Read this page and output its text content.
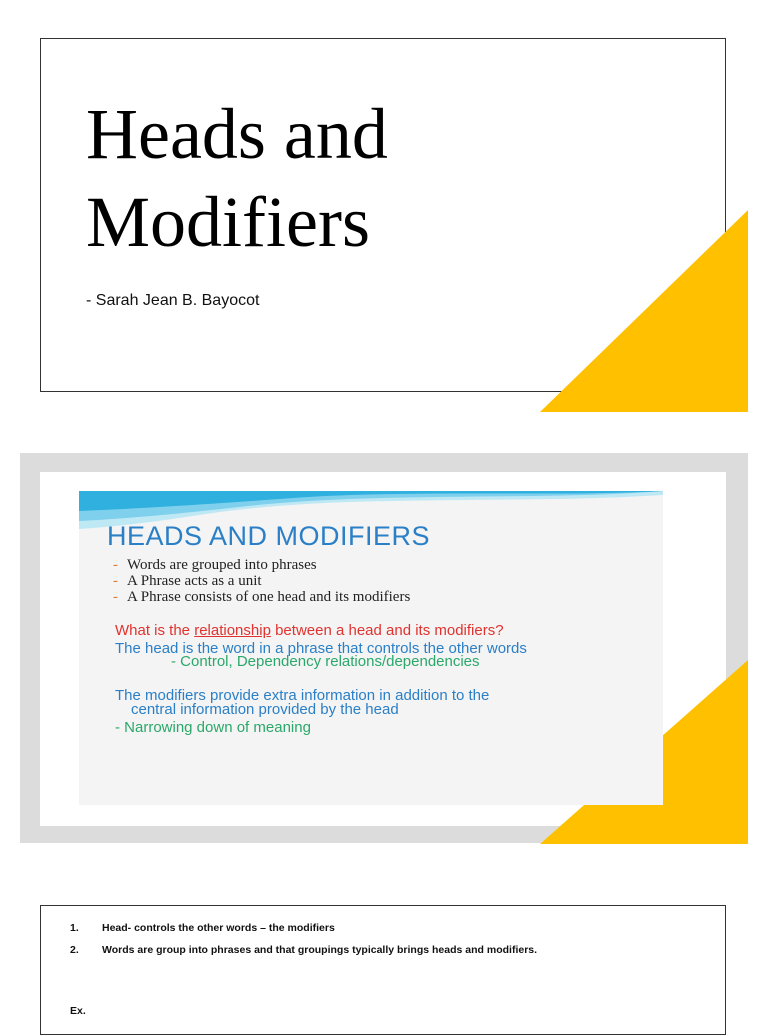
Heads and
Modifiers
- Sarah Jean B. Bayocot
HEADS AND MODIFIERS
- Words are grouped into phrases
- A Phrase acts as a unit
- A Phrase consists of one head and its modifiers
What is the relationship between a head and its modifiers?
The head is the word in a phrase that controls the other words
- Control, Dependency relations/dependencies
The modifiers provide extra information in addition to the
central information provided by the head
- Narrowing down of meaning
1. Head- controls the other words – the modifiers
2. Words are group into phrases and that groupings typically brings heads and modifiers.
Ex.
